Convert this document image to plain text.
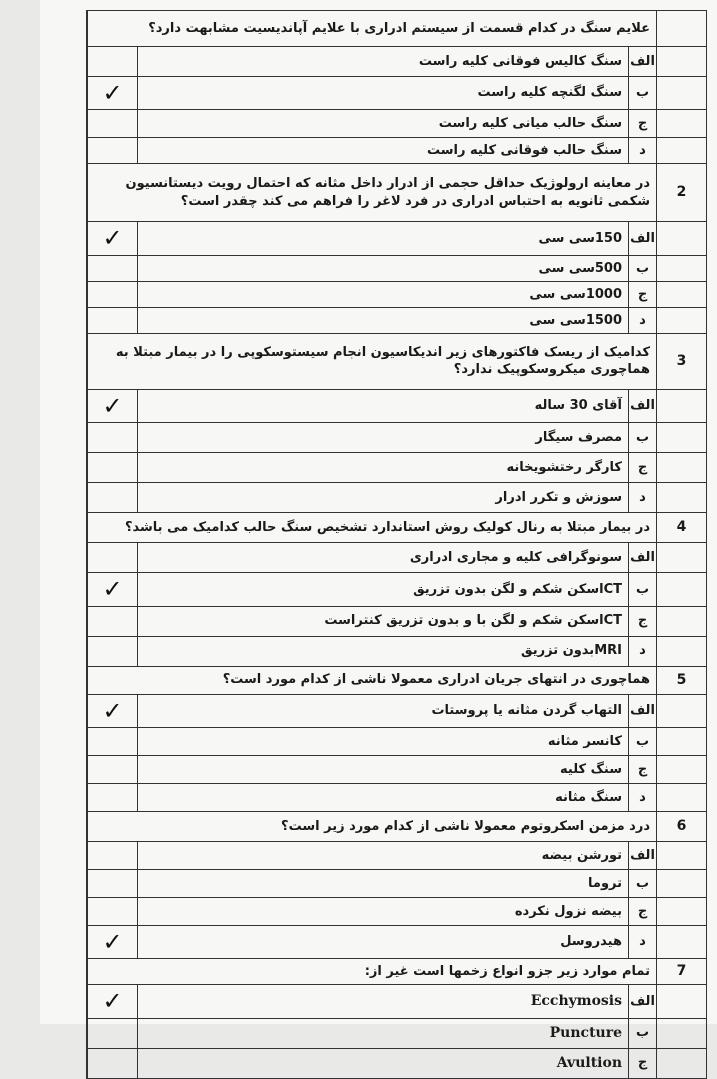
	علایم سنگ در کدام قسمت از سیستم ادراری با علایم آپاندیسیت مشابهت دارد؟		
	الف	سنگ کالیس فوقانی کلیه راست	
	ب	سنگ لگنچه کلیه راست	✓
	ج	سنگ حالب میانی کلیه راست	
	د	سنگ حالب فوقانی کلیه راست	
2	در معاینه ارولوژیک حداقل حجمی از ادرار داخل مثانه که احتمال رویت دیستانسیون شکمی ثانویه به احتباس ادراری در فرد لاغر را فراهم می کند چقدر است؟		
	الف	150سی سی	✓
	ب	500سی سی	
	ج	1000سی سی	
	د	1500سی سی	
3	کدامیک از ریسک فاکتورهای زیر اندیکاسیون انجام سیستوسکوپی را در بیمار مبتلا به هماچوری میکروسکوپیک ندارد؟		
	الف	آقای 30 ساله	✓
	ب	مصرف سیگار	
	ج	کارگر رختشویخانه	
	د	سوزش و تکرر ادرار	
4	در بیمار مبتلا به رنال کولیک روش استاندارد تشخیص سنگ حالب کدامیک می باشد؟		
	الف	سونوگرافی کلیه و مجاری ادراری	
	ب	CTاسکن شکم و لگن بدون تزریق	✓
	ج	CTاسکن شکم و لگن با و بدون تزریق کنتراست	
	د	MRIبدون تزریق	
5	هماچوری در انتهای جریان ادراری معمولا ناشی از کدام مورد است؟		
	الف	التهاب گردن مثانه یا پروستات	✓
	ب	کانسر مثانه	
	ج	سنگ کلیه	
	د	سنگ مثانه	
6	درد مزمن اسکروتوم معمولا ناشی از کدام مورد زیر است؟		
	الف	تورشن بیضه	
	ب	تروما	
	ج	بیضه نزول نکرده	
	د	هیدروسل	✓
7	تمام موارد زیر جزو انواع زخمها است غیر از:		
	الف	Ecchymosis	✓
	ب	Puncture	
	ج	Avultion	
